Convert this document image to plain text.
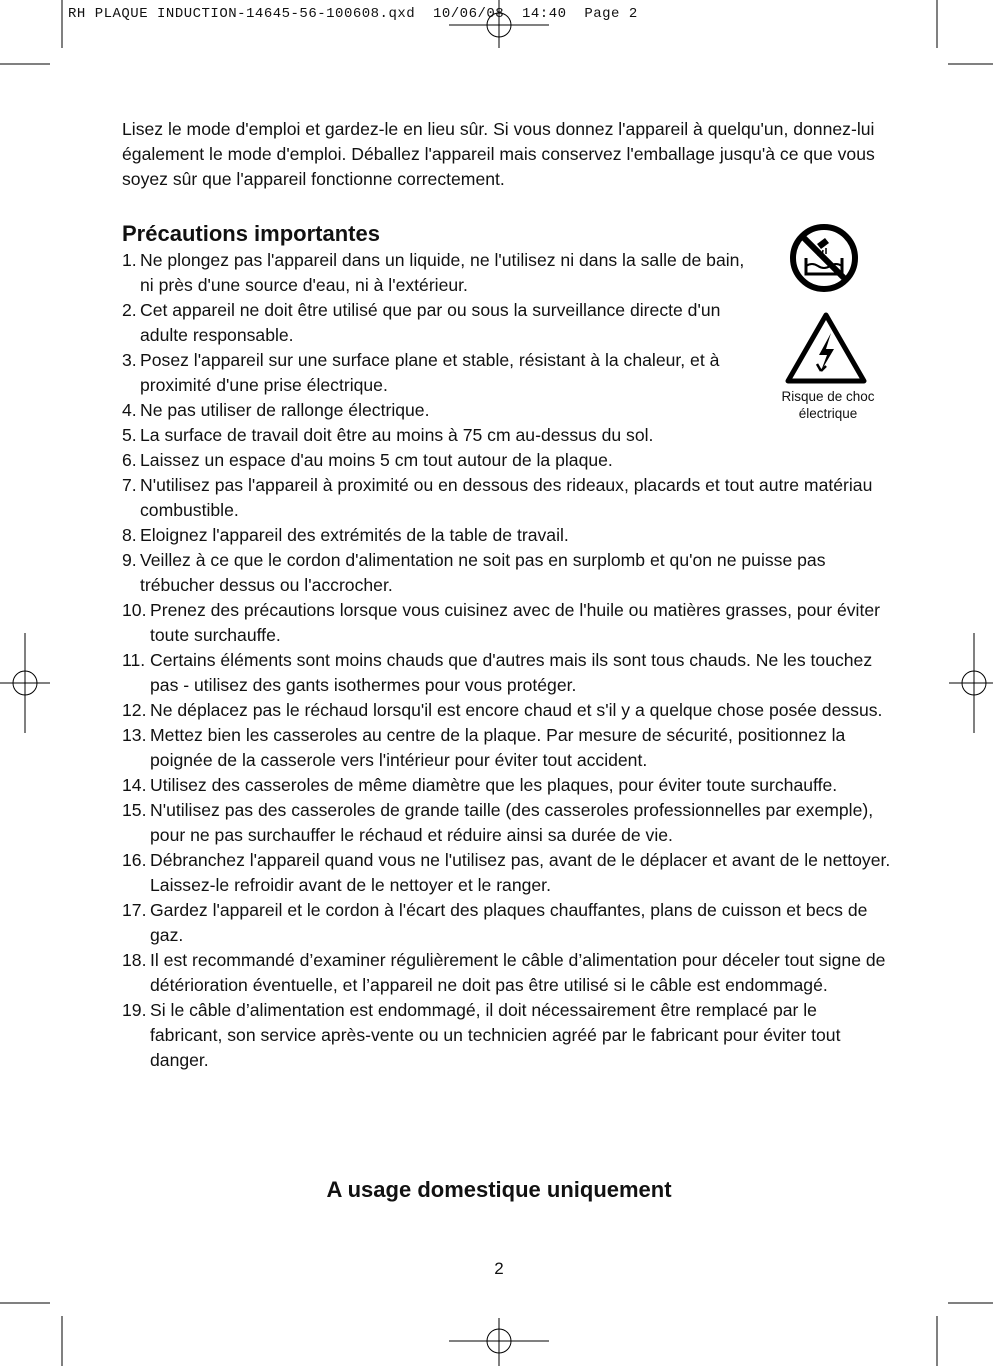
RH PLAQUE INDUCTION-14645-56-100608.qxd 10/06/08 14:40 Page 2

Lisez le mode d'emploi et gardez-le en lieu sûr. Si vous donnez l'appareil à quelqu'un, donnez-lui également le mode d'emploi. Déballez l'appareil mais conservez l'emballage jusqu'à ce que vous soyez sûr que l'appareil fonctionne correctement.

Précautions importantes

Risque de choc
électrique

1. Ne plongez pas l'appareil dans un liquide, ne l'utilisez ni dans la salle de bain, ni près d'une source d'eau, ni à l'extérieur.
2. Cet appareil ne doit être utilisé que par ou sous la surveillance directe d'un adulte responsable.
3. Posez l'appareil sur une surface plane et stable, résistant à la chaleur, et à proximité d'une prise électrique.
4. Ne pas utiliser de rallonge électrique.
5. La surface de travail doit être au moins à 75 cm au-dessus du sol.
6. Laissez un espace d'au moins 5 cm tout autour de la plaque.
7. N'utilisez pas l'appareil à proximité ou en dessous des rideaux, placards et tout autre matériau combustible.
8. Eloignez l'appareil des extrémités de la table de travail.
9. Veillez à ce que le cordon d'alimentation ne soit pas en surplomb et qu'on ne puisse pas trébucher dessus ou l'accrocher.
10. Prenez des précautions lorsque vous cuisinez avec de l'huile ou matières grasses, pour éviter toute surchauffe.
11. Certains éléments sont moins chauds que d'autres mais ils sont tous chauds. Ne les touchez pas - utilisez des gants isothermes pour vous protéger.
12. Ne déplacez pas le réchaud lorsqu'il est encore chaud et s'il y a quelque chose posée dessus.
13. Mettez bien les casseroles au centre de la plaque. Par mesure de sécurité, positionnez la poignée de la casserole vers l'intérieur pour éviter tout accident.
14. Utilisez des casseroles de même diamètre que les plaques, pour éviter toute surchauffe.
15. N'utilisez pas des casseroles de grande taille (des casseroles professionnelles par exemple), pour ne pas surchauffer le réchaud et réduire ainsi sa durée de vie.
16. Débranchez l'appareil quand vous ne l'utilisez pas, avant de le déplacer et avant de le nettoyer. Laissez-le refroidir avant de le nettoyer et le ranger.
17. Gardez l'appareil et le cordon à l'écart des plaques chauffantes, plans de cuisson et becs de gaz.
18. Il est recommandé d’examiner régulièrement le câble d’alimentation pour déceler tout signe de détérioration éventuelle, et l’appareil ne doit pas être utilisé si le câble est endommagé.
19. Si le câble d’alimentation est endommagé, il doit nécessairement être remplacé par le fabricant, son service après-vente ou un technicien agréé par le fabricant pour éviter tout danger.
A usage domestique uniquement

2
